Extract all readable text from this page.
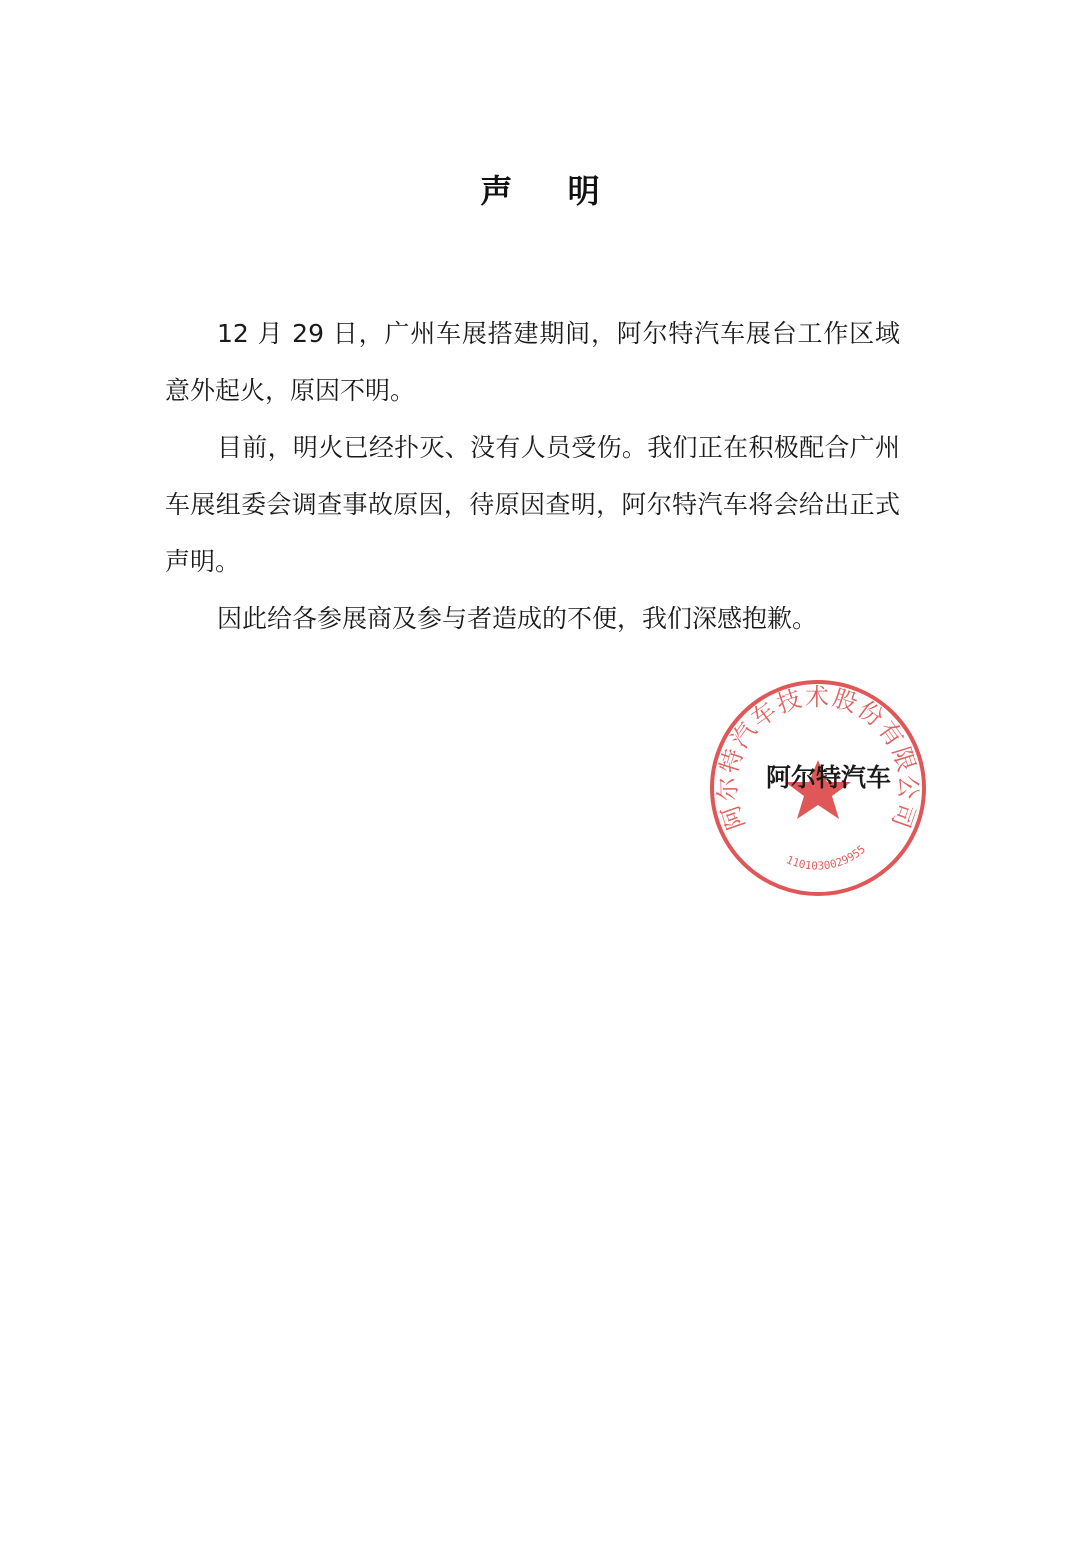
声 明

12 月 29 日，广州车展搭建期间，阿尔特汽车展台工作区域意外起火，原因不明。

目前，明火已经扑灭、没有人员受伤。我们正在积极配合广州车展组委会调查事故原因，待原因查明，阿尔特汽车将会给出正式声明。

因此给各参展商及参与者造成的不便，我们深感抱歉。

阿尔特汽车技术股份有限公司
1101030029955
阿尔特汽车
